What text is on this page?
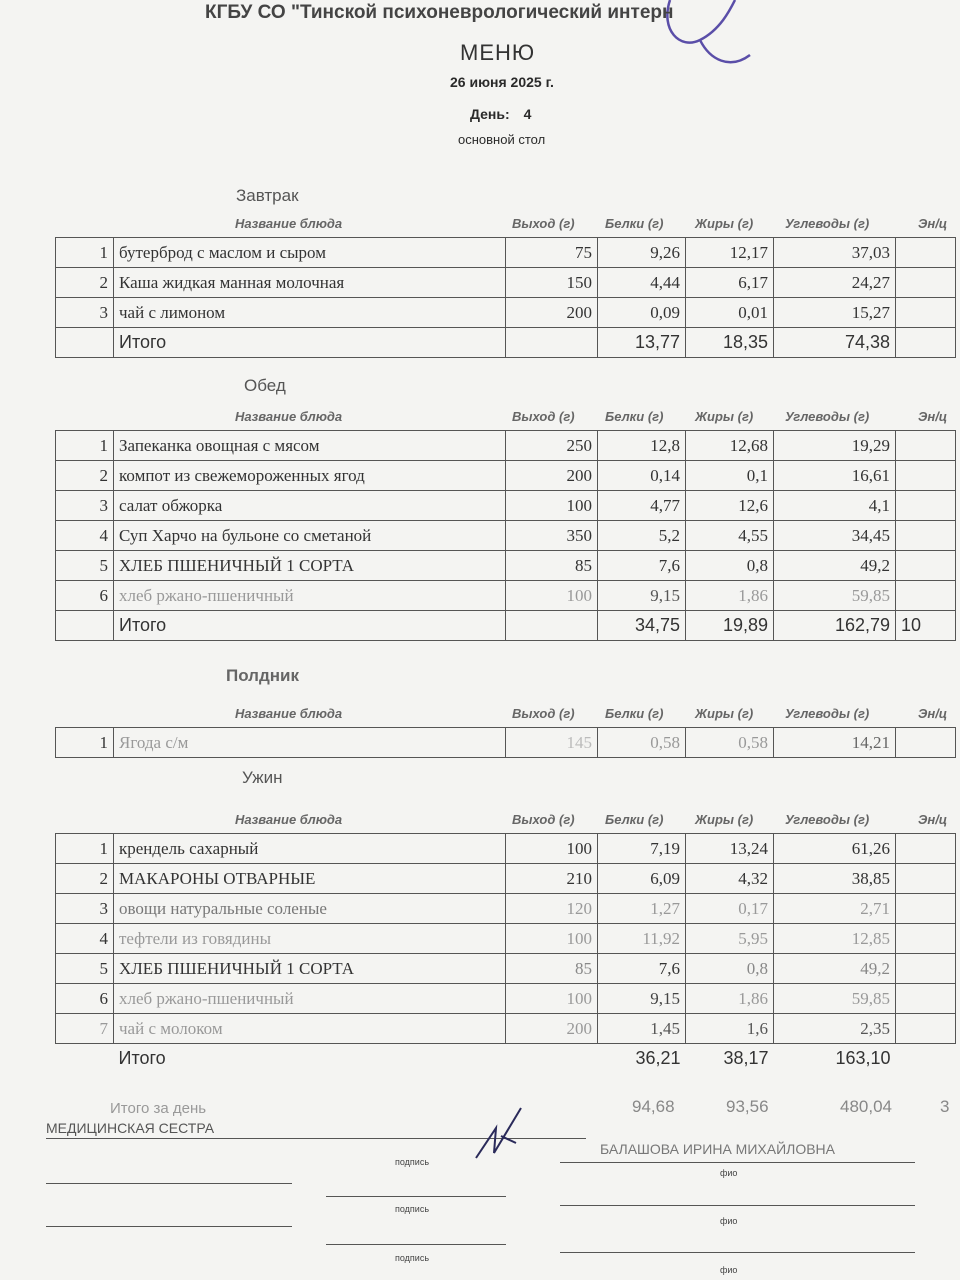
КГБУ СО "Тинской психоневрологический интерн
МЕНЮ
26 июня 2025 г.
День: 4
основной стол
Завтрак
Название блюда	Выход (г) Белки (г) Жиры (г) Углеводы (г)	Эн/ц
1	бутерброд с маслом и сыром	75	9,26	12,17	37,03	
2	Каша жидкая манная молочная	150	4,44	6,17	24,27	
3	чай с лимоном	200	0,09	0,01	15,27	
	Итого		13,77	18,35	74,38	
Обед
Название блюда	Выход (г) Белки (г) Жиры (г) Углеводы (г)	Эн/ц
1	Запеканка овощная с мясом	250	12,8	12,68	19,29	
2	компот из свежемороженных ягод	200	0,14	0,1	16,61	
3	салат обжорка	100	4,77	12,6	4,1	
4	Суп Харчо на бульоне со сметаной	350	5,2	4,55	34,45	
5	ХЛЕБ ПШЕНИЧНЫЙ 1 СОРТА	85	7,6	0,8	49,2	
6	хлеб ржано-пшеничный	100	9,15	1,86	59,85	
	Итого		34,75	19,89	162,79	10
Полдник
Название блюда	Выход (г) Белки (г) Жиры (г) Углеводы (г)	Эн/ц
1	Ягода с/м	145	0,58	0,58	14,21	
Ужин
Название блюда	Выход (г) Белки (г) Жиры (г) Углеводы (г)	Эн/ц
1	крендель сахарный	100	7,19	13,24	61,26	
2	МАКАРОНЫ ОТВАРНЫЕ	210	6,09	4,32	38,85	
3	овощи натуральные соленые	120	1,27	0,17	2,71	
4	тефтели из говядины	100	11,92	5,95	12,85	
5	ХЛЕБ ПШЕНИЧНЫЙ 1 СОРТА	85	7,6	0,8	49,2	
6	хлеб ржано-пшеничный	100	9,15	1,86	59,85	
7	чай с молоком	200	1,45	1,6	2,35	
	Итого		36,21	38,17	163,10	
Итого за день	94,68	93,56	480,04	3
МЕДИЦИНСКАЯ СЕСТРА
БАЛАШОВА ИРИНА МИХАЙЛОВНА
подпись
фио
подпись
фио
подпись
фио
